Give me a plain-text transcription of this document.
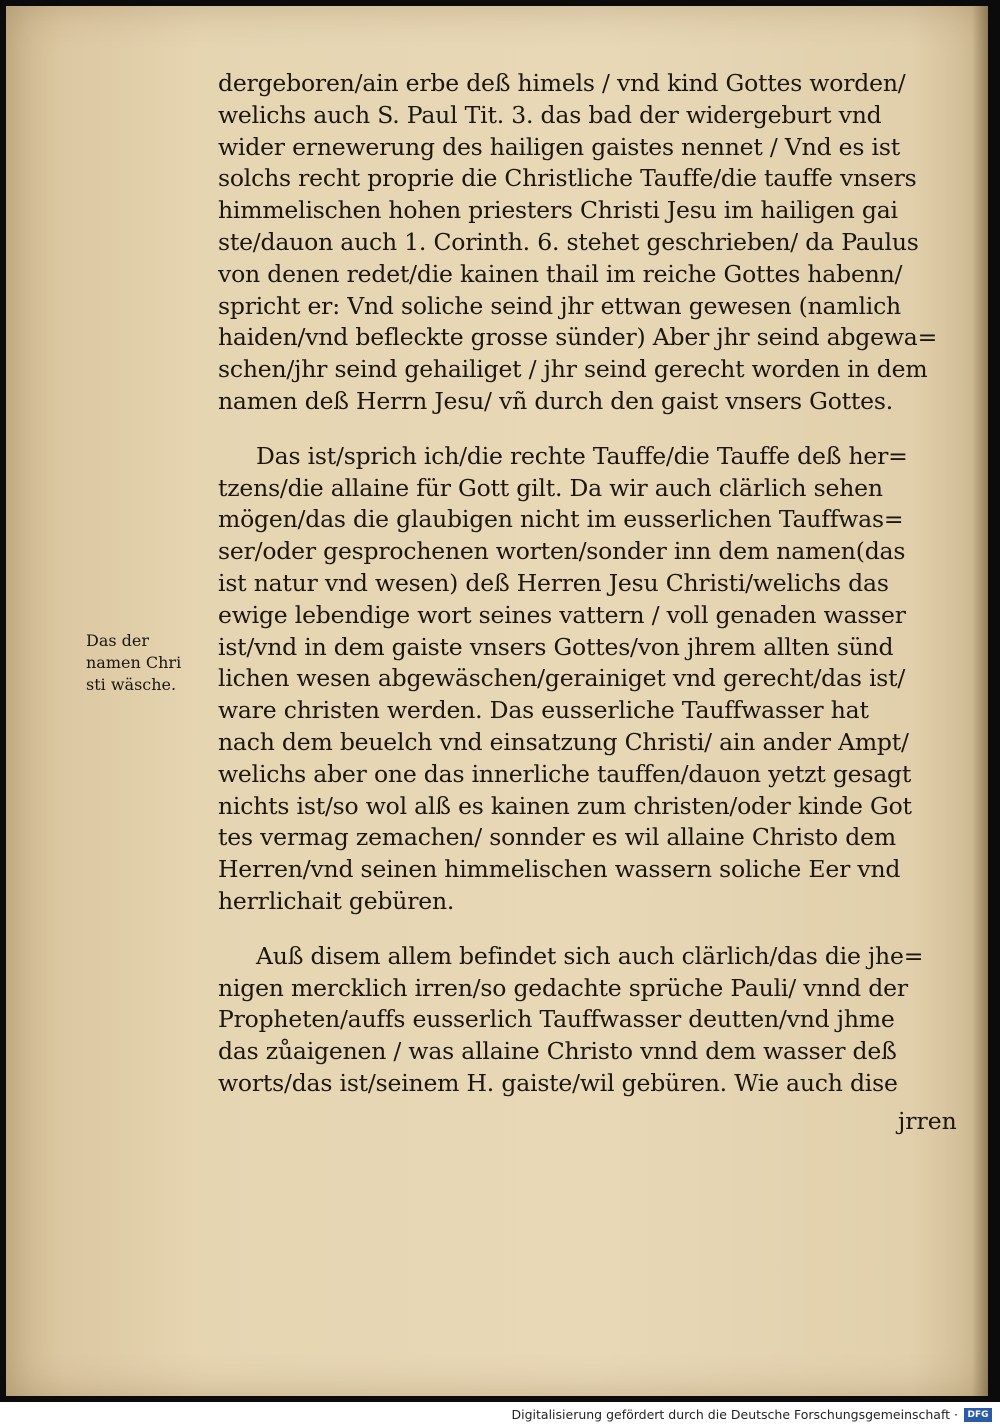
dergeboren/ain erbe deß himels / vnd kind Gottes worden/
welichs auch S. Paul Tit. 3. das bad der widergeburt vnd
wider ernewerung des hailigen gaistes nennet / Vnd es ist
solchs recht proprie die Christliche Tauffe/die tauffe vnsers
himmelischen hohen priesters Christi Jesu im hailigen gai
ste/dauon auch 1. Corinth. 6. stehet geschrieben/ da Paulus
von denen redet/die kainen thail im reiche Gottes habenn/
spricht er: Vnd soliche seind jhr ettwan gewesen (namlich
haiden/vnd befleckte grosse sünder) Aber jhr seind abgewa=
schen/jhr seind gehailiget / jhr seind gerecht worden in dem
namen deß Herrn Jesu/ vñ durch den gaist vnsers Gottes.
Das ist/sprich ich/die rechte Tauffe/die Tauffe deß her=
tzens/die allaine für Gott gilt. Da wir auch clärlich sehen
mögen/das die glaubigen nicht im eusserlichen Tauffwas=
ser/oder gesprochenen worten/sonder inn dem namen(das
ist natur vnd wesen) deß Herren Jesu Christi/welichs das
ewige lebendige wort seines vattern / voll genaden wasser
ist/vnd in dem gaiste vnsers Gottes/von jhrem allten sünd
lichen wesen abgewäschen/gerainiget vnd gerecht/das ist/
ware christen werden. Das eusserliche Tauffwasser hat
nach dem beuelch vnd einsatzung Christi/ ain ander Ampt/
welichs aber one das innerliche tauffen/dauon yetzt gesagt
nichts ist/so wol alß es kainen zum christen/oder kinde Got
tes vermag zemachen/ sonnder es wil allaine Christo dem
Herren/vnd seinen himmelischen wassern soliche Eer vnd
herrlichait gebüren.
Auß disem allem befindet sich auch clärlich/das die jhe=
nigen mercklich irren/so gedachte sprüche Pauli/ vnnd der
Propheten/auffs eusserlich Tauffwasser deutten/vnd jhme
das zůaigenen / was allaine Christo vnnd dem wasser deß
worts/das ist/seinem H. gaiste/wil gebüren. Wie auch dise
Das der
namen Chri
sti wäsche.
jrren
Digitalisierung gefördert durch die Deutsche Forschungsgemeinschaft ·	DFG
